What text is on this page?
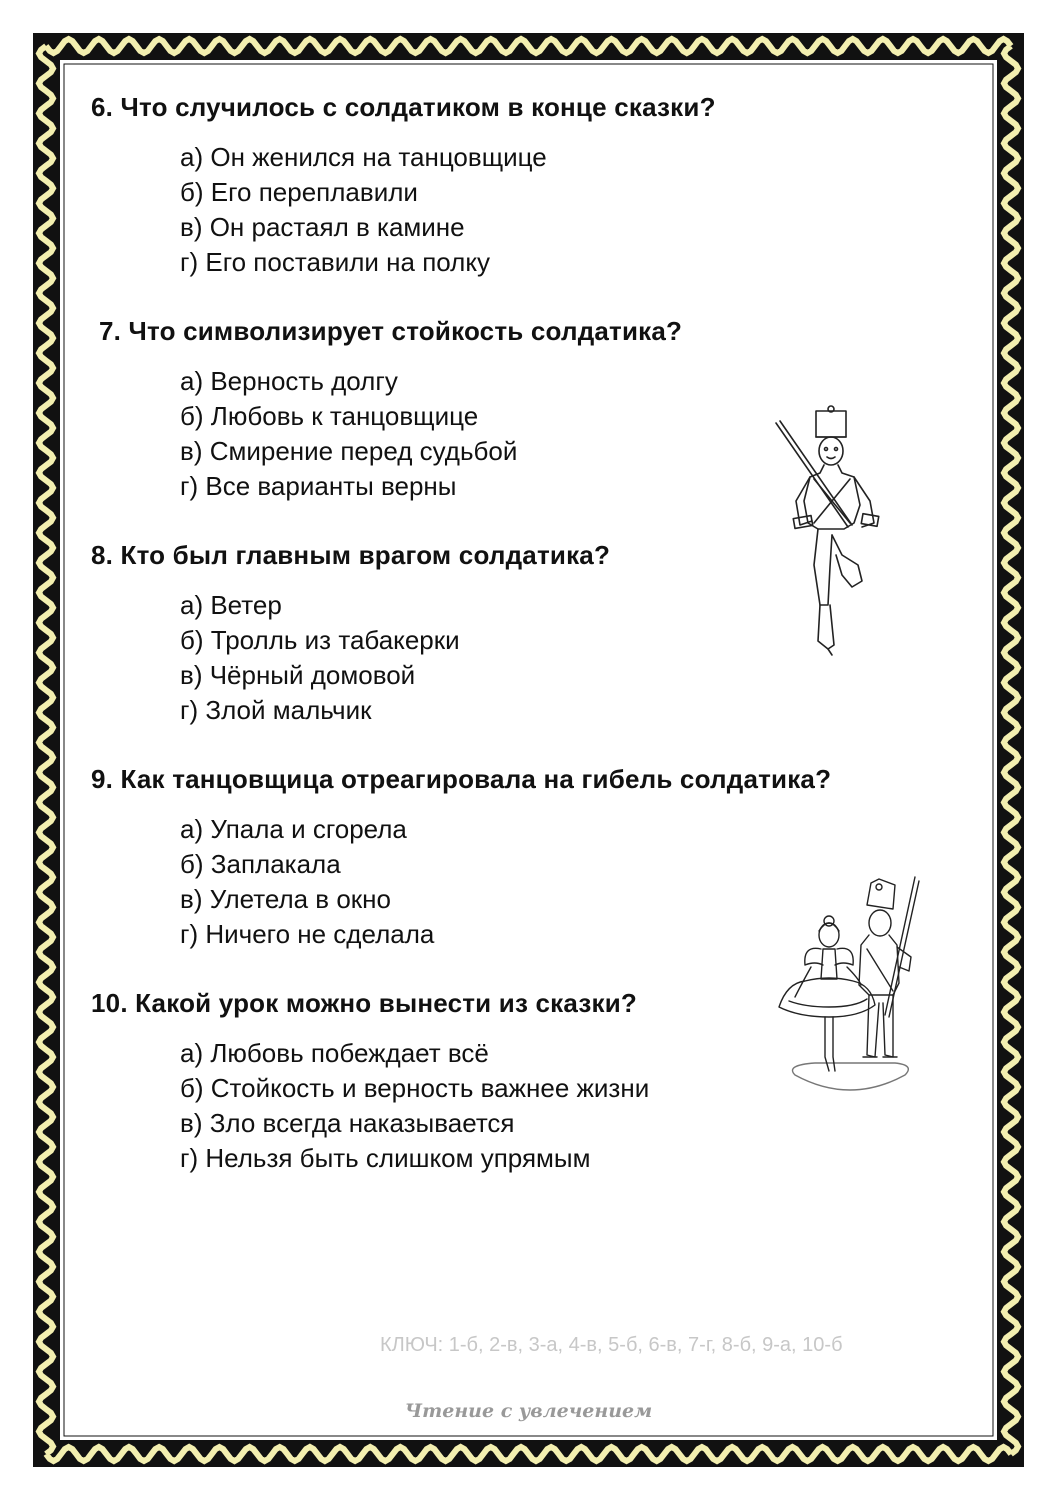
6. Что случилось с солдатиком в конце сказки?

а) Он женился на танцовщице
б) Его переплавили
в) Он растаял в камине
г) Его поставили на полку

7. Что символизирует стойкость солдатика?

а) Верность долгу
б) Любовь к танцовщице
в) Смирение перед судьбой
г) Все варианты верны

8. Кто был главным врагом солдатика?

а) Ветер
б) Тролль из табакерки
в) Чёрный домовой
г) Злой мальчик

9. Как танцовщица отреагировала на гибель солдатика?

а) Упала и сгорела
б) Заплакала
в) Улетела в окно
г) Ничего не сделала

10. Какой урок можно вынести из сказки?

а) Любовь побеждает всё
б) Стойкость и верность важнее жизни
в) Зло всегда наказывается
г) Нельзя быть слишком упрямым

КЛЮЧ: 1-б, 2-в, 3-а, 4-в, 5-б, 6-в, 7-г, 8-б, 9-а, 10-б

Чтение с увлечением
